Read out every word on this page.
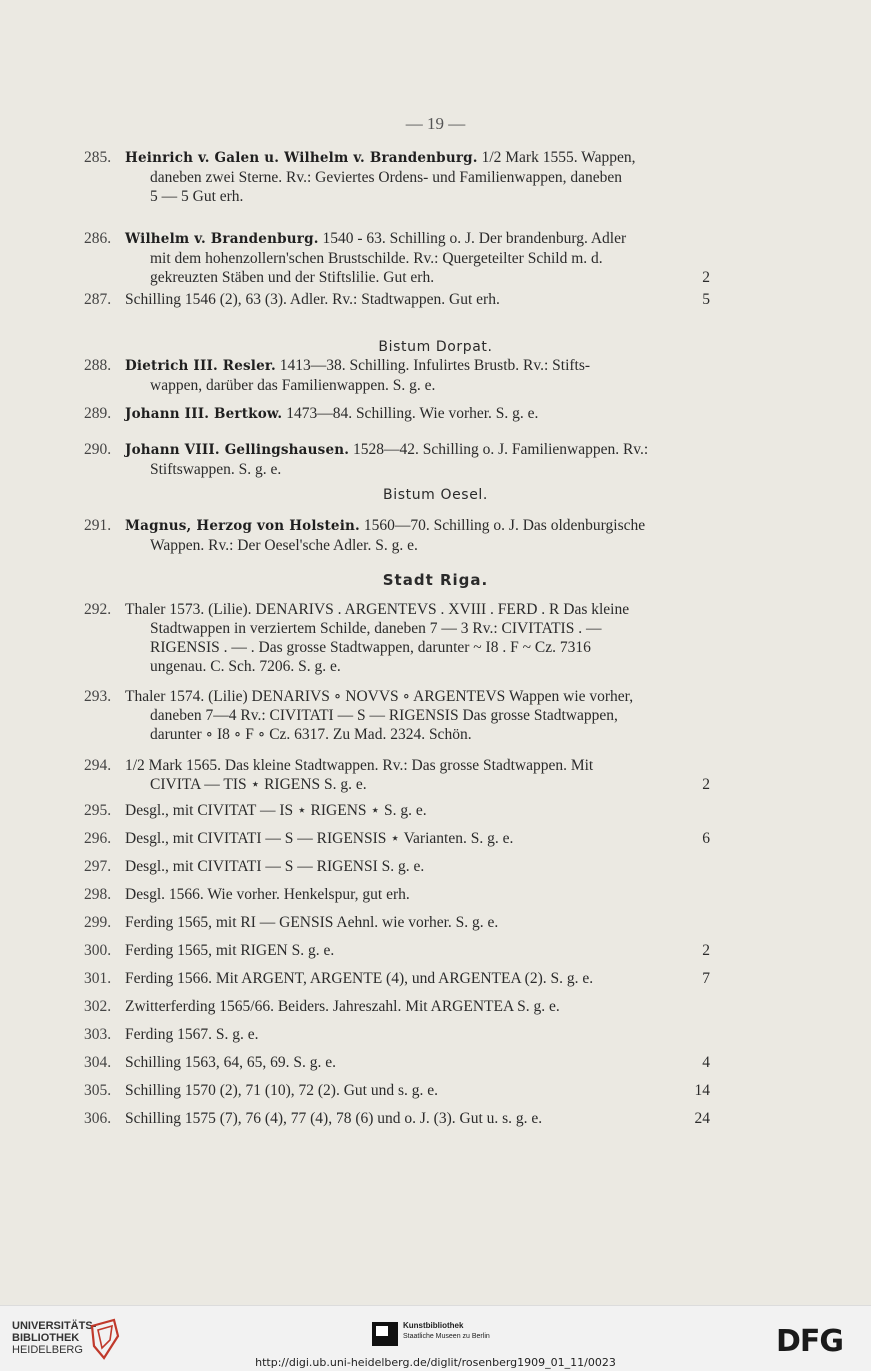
— 19 —
Bistum Dorpat.
Bistum Oesel.
Stadt Riga.
285.	Heinrich v. Galen u. Wilhelm v. Brandenburg. 1/2 Mark 1555. Wappen,
daneben zwei Sterne. Rv.: Geviertes Ordens- und Familienwappen, daneben
5 — 5 Gut erh.
286.	Wilhelm v. Brandenburg. 1540 - 63. Schilling o. J. Der brandenburg. Adler
mit dem hohenzollern'schen Brustschilde. Rv.: Quergeteilter Schild m. d.
gekreuzten Stäben und der Stiftslilie. Gut erh.	2
287. Schilling 1546 (2), 63 (3). Adler. Rv.: Stadtwappen. Gut erh.	5
288.	Dietrich III. Resler. 1413—38. Schilling. Infulirtes Brustb. Rv.: Stifts-
wappen, darüber das Familienwappen. S. g. e.
289.	Johann III. Bertkow. 1473—84. Schilling. Wie vorher. S. g. e.
290.	Johann VIII. Gellingshausen. 1528—42. Schilling o. J. Familienwappen. Rv.:
Stiftswappen. S. g. e.
291.	Magnus, Herzog von Holstein. 1560—70. Schilling o. J. Das oldenburgische
Wappen. Rv.: Der Oesel'sche Adler. S. g. e.
292. Thaler 1573. (Lilie). DENARIVS . ARGENTEVS . XVIII . FERD . R Das kleine
Stadtwappen in verziertem Schilde, daneben 7 — 3 Rv.: CIVITATIS . —
RIGENSIS . — . Das grosse Stadtwappen, darunter ~ I8 . F ~ Cz. 7316
ungenau. C. Sch. 7206. S. g. e.
293. Thaler 1574. (Lilie) DENARIVS ∘ NOVVS ∘ ARGENTEVS Wappen wie vorher,
daneben 7—4 Rv.: CIVITATI — S — RIGENSIS Das grosse Stadtwappen,
darunter ∘ I8 ∘ F ∘ Cz. 6317. Zu Mad. 2324. Schön.
294. 1/2 Mark 1565. Das kleine Stadtwappen. Rv.: Das grosse Stadtwappen. Mit
CIVITA — TIS ⋆ RIGENS S. g. e.	2
295. Desgl., mit CIVITAT — IS ⋆ RIGENS ⋆ S. g. e.
296. Desgl., mit CIVITATI — S — RIGENSIS ⋆ Varianten. S. g. e.	6
297. Desgl., mit CIVITATI — S — RIGENSI S. g. e.
298. Desgl. 1566. Wie vorher. Henkelspur, gut erh.
299. Ferding 1565, mit RI — GENSIS Aehnl. wie vorher. S. g. e.
300. Ferding 1565, mit RIGEN S. g. e.	2
301. Ferding 1566. Mit ARGENT, ARGENTE (4), und ARGENTEA (2). S. g. e.	7
302. Zwitterferding 1565/66. Beiders. Jahreszahl. Mit ARGENTEA S. g. e.
303. Ferding 1567. S. g. e.
304. Schilling 1563, 64, 65, 69. S. g. e.	4
305. Schilling 1570 (2), 71 (10), 72 (2). Gut und s. g. e.	14
306. Schilling 1575 (7), 76 (4), 77 (4), 78 (6) und o. J. (3). Gut u. s. g. e.	24
UNIVERSITÄTS-
BIBLIOTHEK
HEIDELBERG
Kunstbibliothek
Staatliche Museen zu Berlin	DFG
http://digi.ub.uni-heidelberg.de/diglit/rosenberg1909_01_11/0023
